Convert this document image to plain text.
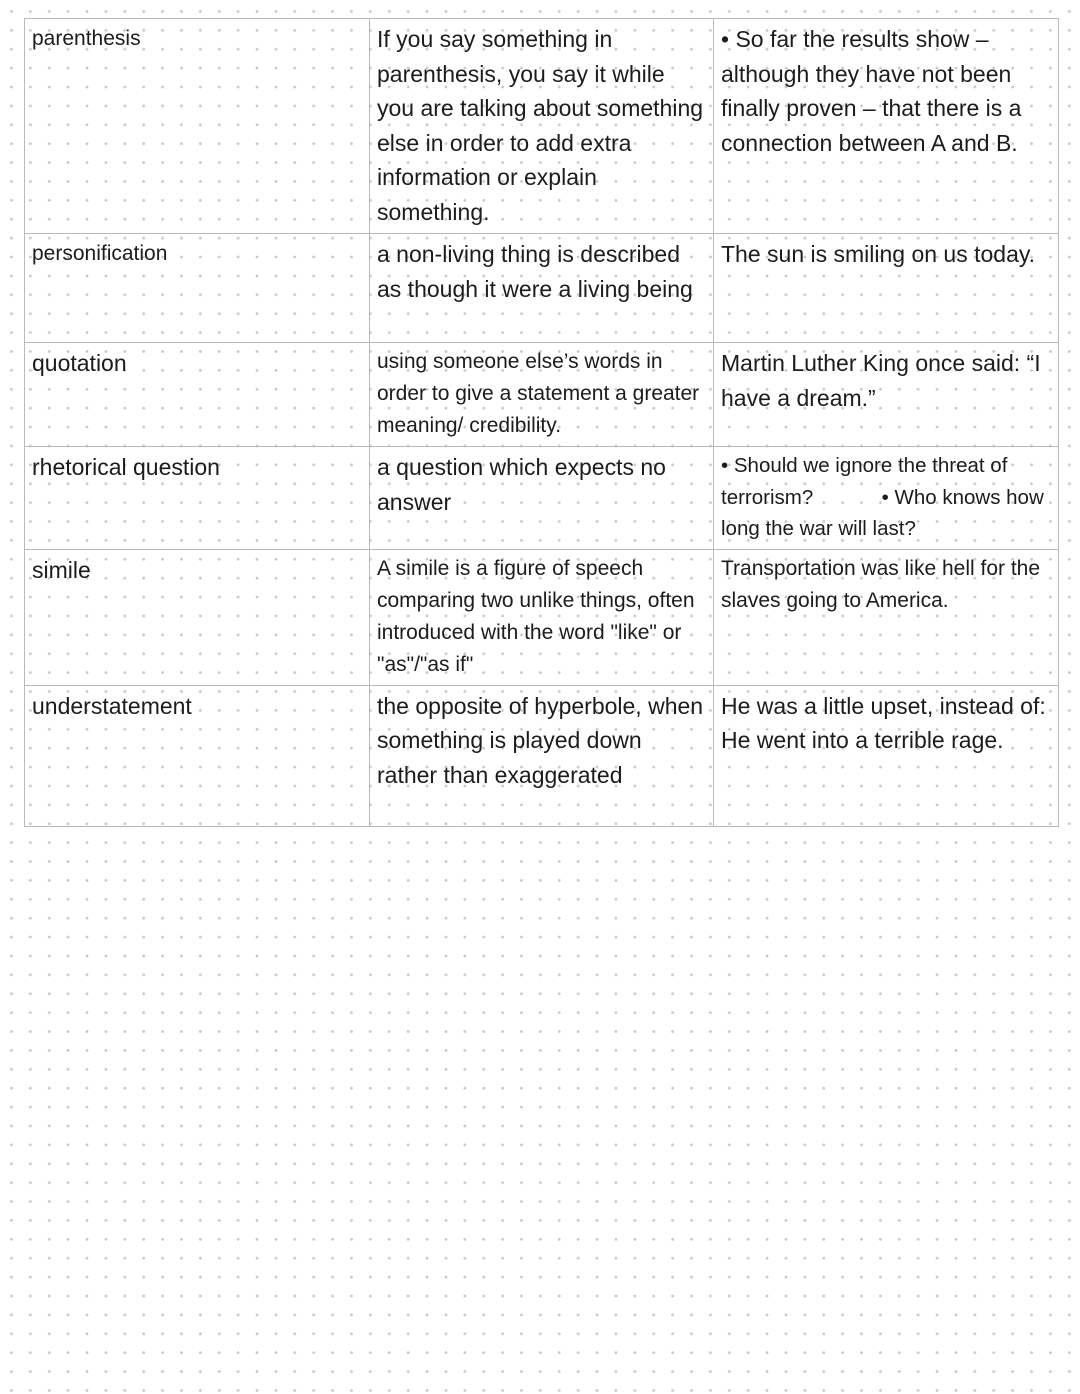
parenthesis	If you say something in parenthesis, you say it while you are talking about something else in order to add extra information or explain something.	• So far the results show – although they have not been finally proven – that there is a connection between A and B.
personification	a non-living thing is described as though it were a living being	The sun is smiling on us today.
quotation	using someone else’s words in order to give a statement a greater meaning/ credibility.	Martin Luther King once said: “I have a dream.”
rhetorical question	a question which expects no answer	• Should we ignore the threat of terrorism?            • Who knows how long the war will last?
simile	A simile is a figure of speech comparing two unlike things, often introduced with the word "like" or "as"/"as if"	Transportation was like hell for the slaves going to America.
understatement	the opposite of hyperbole, when something is played down rather than exaggerated	He was a little upset, instead of: He went into a terrible rage.
